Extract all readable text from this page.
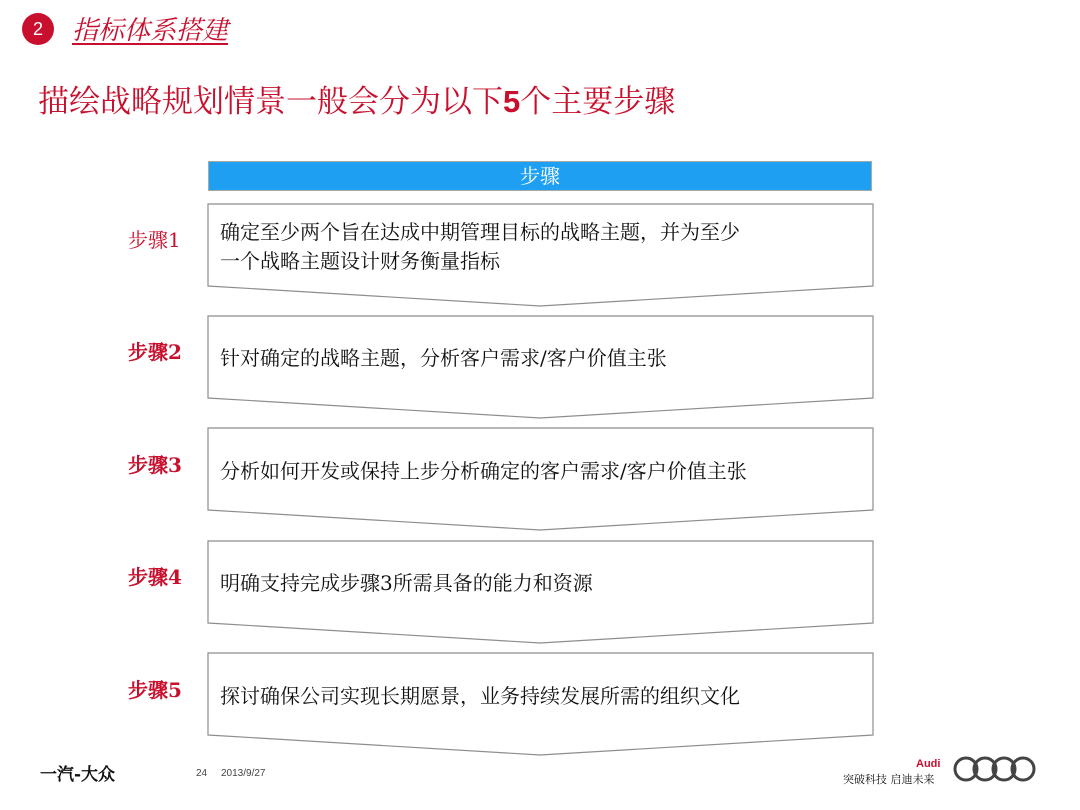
2	指标体系搭建
描绘战略规划情景一般会分为以下5个主要步骤
步骤
步骤1 确定至少两个旨在达成中期管理目标的战略主题，并为至少
一个战略主题设计财务衡量指标
步骤2 针对确定的战略主题，分析客户需求/客户价值主张
步骤3 分析如何开发或保持上步分析确定的客户需求/客户价值主张
步骤4 明确支持完成步骤3所需具备的能力和资源
步骤5 探讨确保公司实现长期愿景，业务持续发展所需的组织文化
一汽-大众	24 2013/9/27
Audi
突破科技 启迪未来
